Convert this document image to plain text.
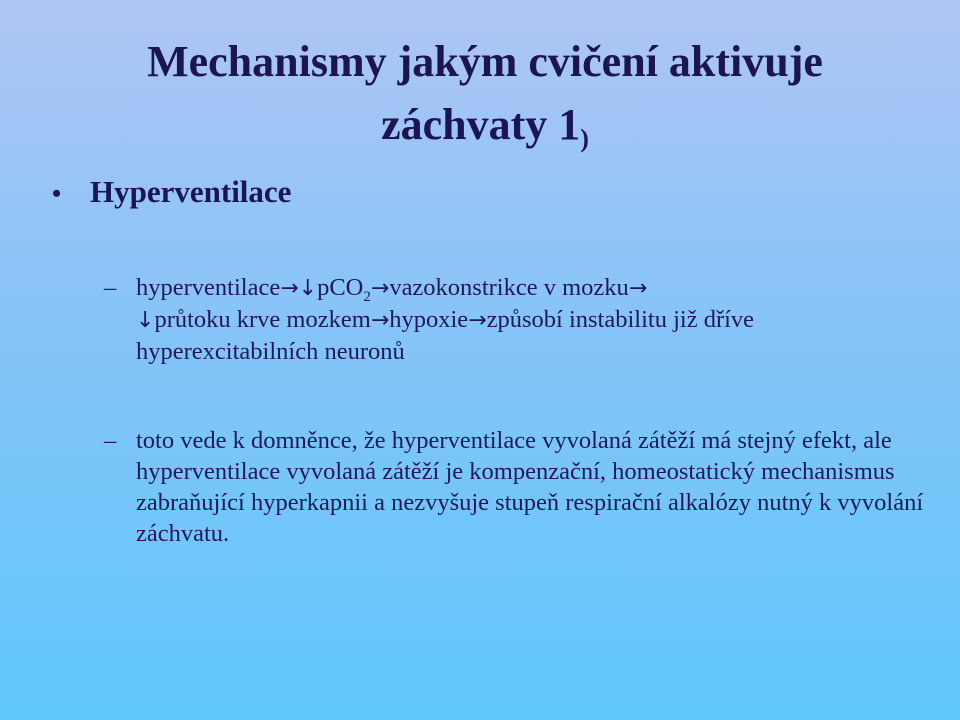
Mechanismy jakým cvičení aktivuje
záchvaty $1_)$
• Hyperventilace
– hyperventilace→↓pCO$_2$→vazokonstrikce v mozku→
↓průtoku krve mozkem→hypoxie→způsobí instabilitu již dříve hyperexcitabilních neuronů
– toto vede k domněnce, že hyperventilace vyvolaná zátěží má stejný efekt, ale hyperventilace vyvolaná zátěží je kompenzační, homeostatický mechanismus zabraňující hyperkapnii a nezvyšuje stupeň respirační alkalózy nutný k vyvolání záchvatu.
